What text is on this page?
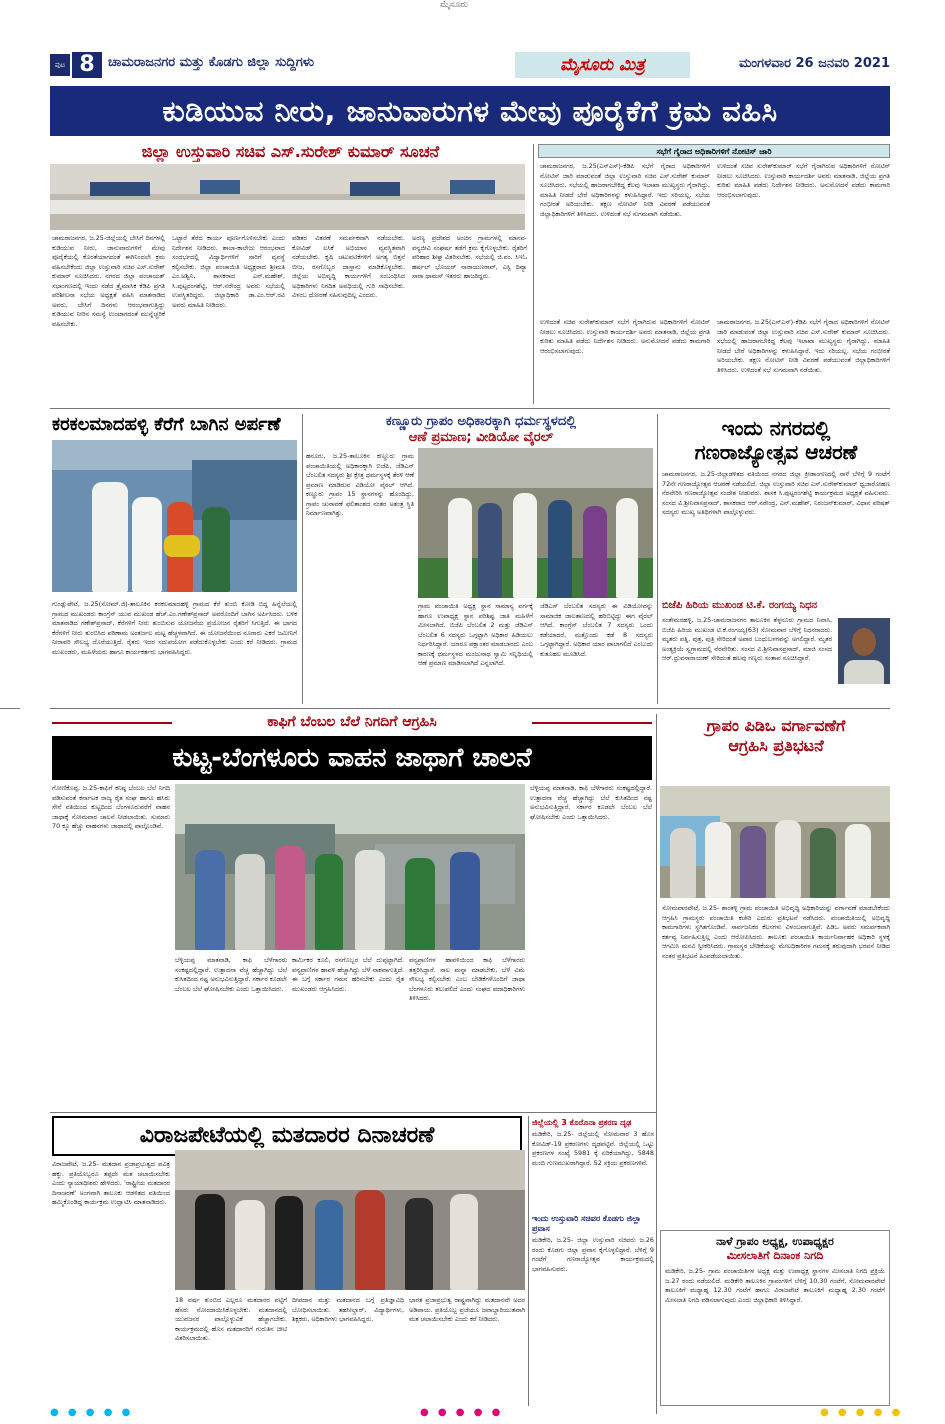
ಮೈಸೂರು
ಪುಟ 8	ಚಾಮರಾಜನಗರ ಮತ್ತು ಕೊಡಗು ಜಿಲ್ಲಾ ಸುದ್ದಿಗಳು	ಮೈಸೂರು ಮಿತ್ರ	ಮಂಗಳವಾರ 26 ಜನವರಿ 2021
ಕುಡಿಯುವ ನೀರು, ಜಾನುವಾರುಗಳ ಮೇವು ಪೂರೈಕೆಗೆ ಕ್ರಮ ವಹಿಸಿ
ಜಿಲ್ಲಾ ಉಸ್ತುವಾರಿ ಸಚಿವ ಎಸ್.ಸುರೇಶ್ ಕುಮಾರ್ ಸೂಚನೆ	ಸಭೆಗೆ ಗೈರಾದ ಅಧಿಕಾರಿಗಳಿಗೆ ನೋಟಿಸ್ ಜಾರಿ
ಚಾಮರಾಜನಗರ, ಜ.25(ಎಸ್‍ಎಸ್)-ಕೆಡಿಪಿ ಸಭೆಗೆ ಗೈರಾದ ಅಧಿಕಾರಿಗಳಿಗೆ ನೋಟಿಸ್ ಜಾರಿ ಮಾಡುವಂತೆ ಜಿಲ್ಲಾ ಉಸ್ತುವಾರಿ ಸಚಿವ ಎಸ್.ಸುರೇಶ್ ಕುಮಾರ್ ಸೂಚಿಸಿದರು. ಸಭೆಯಲ್ಲಿ ಹಾಜರಾಗಬೇಕಿದ್ದ ಕೆಲವು ಇಲಾಖಾ ಮುಖ್ಯಸ್ಥರು ಗೈರಾಗಿದ್ದು, ಮಾಹಿತಿ ನೀಡದೆ ಬೇರೆ ಅಧಿಕಾರಿಗಳನ್ನು ಕಳುಹಿಸಿದ್ದಾರೆ. ಇದು ಸರಿಯಲ್ಲ. ಸಭೆಯ ಗಂಭೀರತೆ ಅರಿಯಬೇಕು. ತಕ್ಷಣ ನೋಟಿಸ್ ನೀಡಿ ವಿವರಣೆ ಪಡೆಯುವಂತೆ ಜಿಲ್ಲಾಧಿಕಾರಿಗಳಿಗೆ ತಿಳಿಸಿದರು. ಉಳಿದಂತೆ ಸಭೆ ಸುಗಮವಾಗಿ ನಡೆಯಿತು.
ಉಳಿದಂತೆ ಸಚಿವ ಸುರೇಶ್‍ಕುಮಾರ್ ಸಭೆಗೆ ಗೈರಾಗಿರುವ ಅಧಿಕಾರಿಗಳಿಗೆ ನೋಟಿಸ್ ನೀಡಲು ಸೂಚಿಸಿದರು. ಉಸ್ತುವಾರಿ ಕಾರ್ಯದರ್ಶಿ ಅವರು ಮಾತನಾಡಿ, ಜಿಲ್ಲೆಯ ಪ್ರಗತಿ ಕುರಿತು ಮಾಹಿತಿ ಪಡೆದು ನಿರ್ದೇಶನ ನೀಡಿದರು. ಅನುಮೋದನೆ ಪಡೆದು ಕಾಮಗಾರಿ ಆರಂಭಿಸಲಾಗುವುದು.
ಚಾಮರಾಜನಗರ, ಜ.25-ಜಿಲ್ಲೆಯಲ್ಲಿ ಬೇಸಿಗೆ ದಿನಗಳಲ್ಲಿ ಕುಡಿಯುವ ನೀರು, ಜಾನುವಾರುಗಳಿಗೆ ಮೇವು ಪೂರೈಕೆಯಲ್ಲಿ ಕೊರತೆಯಾಗದಂತೆ ಈಗಿನಿಂದಲೇ ಕ್ರಮ ವಹಿಸಬೇಕೆಂದು ಜಿಲ್ಲಾ ಉಸ್ತುವಾರಿ ಸಚಿವ ಎಸ್.ಸುರೇಶ್ ಕುಮಾರ್ ಸೂಚಿಸಿದರು. ನಗರದ ಜಿಲ್ಲಾ ಪಂಚಾಯತ್ ಸಭಾಂಗಣದಲ್ಲಿ ಇಂದು ನಡೆದ ತ್ರೈಮಾಸಿಕ ಕೆಡಿಪಿ ಪ್ರಗತಿ ಪರಿಶೀಲನಾ ಸಭೆಯ ಅಧ್ಯಕ್ಷತೆ ವಹಿಸಿ ಮಾತನಾಡಿದ ಅವರು, ಬೇಸಿಗೆ ದಿನಗಳು ಆರಂಭವಾಗುತ್ತಿದ್ದು ಕುಡಿಯುವ ನೀರಿನ ಸಮಸ್ಯೆ ಉಂಟಾಗದಂತೆ ಮುನ್ನೆಚ್ಚರಿಕೆ ವಹಿಸಬೇಕು.
ಒಟ್ಟಾರೆ ತೆರೆದ ಕಾರ್ಯ ಪೂರ್ಣಗೊಳಿಸಬೇಕು ಎಂದು ನಿರ್ದೇಶನ ನೀಡಿದರು. ಶಾಲಾ-ಕಾಲೇಜು ಆರಂಭವಾದ ಸಂದರ್ಭದಲ್ಲಿ ವಿದ್ಯಾರ್ಥಿಗಳಿಗೆ ಸಾರಿಗೆ ವ್ಯವಸ್ಥೆ ಕಲ್ಪಿಸಬೇಕು. ಜಿಲ್ಲಾ ಪಂಚಾಯಿತಿ ಅಧ್ಯಕ್ಷರಾದ ಶ್ರೀಮತಿ ಎಂ.ಅಶ್ವಿನಿ, ಶಾಸಕರಾದ ಎನ್.ಮಹೇಶ್, ಸಿ.ಪುಟ್ಟರಂಗಶೆಟ್ಟಿ, ಆರ್.ನರೇಂದ್ರ ಅವರು ಸಭೆಯಲ್ಲಿ ಉಪಸ್ಥಿತರಿದ್ದರು. ಜಿಲ್ಲಾಧಿಕಾರಿ ಡಾ.ಎಂ.ಆರ್.ರವಿ ಅವರು ಮಾಹಿತಿ ನೀಡಿದರು.
ಪಡಿತರ ವಿತರಣೆ ಸಮರ್ಪಕವಾಗಿ ನಡೆಯಬೇಕು. ಕೋವಿಡ್ ಲಸಿಕೆ ಅಭಿಯಾನ ವ್ಯವಸ್ಥಿತವಾಗಿ ನಡೆಯಬೇಕು. ಕೃಷಿ ಚಟುವಟಿಕೆಗಳಿಗೆ ಅಗತ್ಯ ಬಿತ್ತನೆ ಬೀಜ, ರಸಗೊಬ್ಬರ ದಾಸ್ತಾನು ಮಾಡಿಕೊಳ್ಳಬೇಕು. ಜಿಲ್ಲೆಯ ಅಭಿವೃದ್ಧಿ ಕಾರ್ಯಗಳಿಗೆ ಸಂಬಂಧಿಸಿದ ಅಧಿಕಾರಿಗಳು ನಿಗದಿತ ಅವಧಿಯಲ್ಲಿ ಗುರಿ ಸಾಧಿಸಬೇಕು. ವಿಳಂಬ ಧೋರಣೆ ಸಹಿಸುವುದಿಲ್ಲ ಎಂದರು.
ಅರಣ್ಯ ಪ್ರದೇಶದ ಅಂಚಿನ ಗ್ರಾಮಗಳಲ್ಲಿ ಮಾನವ-ವನ್ಯಜೀವಿ ಸಂಘರ್ಷ ತಡೆಗೆ ಕ್ರಮ ಕೈಗೊಳ್ಳಬೇಕು. ರೈತರಿಗೆ ಪರಿಹಾರ ಶೀಘ್ರ ವಿತರಿಸಬೇಕು. ಸಭೆಯಲ್ಲಿ ಜಿ.ಪಂ. ಸಿಇಓ ಹರ್ಷಲ್ ಭೊಯರ್ ನಾರಾಯಣರಾವ್, ಎಸ್ಪಿ ದಿವ್ಯಾ ಸಾರಾ ಥಾಮಸ್ ಇತರರು ಹಾಜರಿದ್ದರು.
ಉಳಿದಂತೆ ಸಚಿವ ಸುರೇಶ್‍ಕುಮಾರ್ ಸಭೆಗೆ ಗೈರಾಗಿರುವ ಅಧಿಕಾರಿಗಳಿಗೆ ನೋಟಿಸ್ ನೀಡಲು ಸೂಚಿಸಿದರು. ಉಸ್ತುವಾರಿ ಕಾರ್ಯದರ್ಶಿ ಅವರು ಮಾತನಾಡಿ, ಜಿಲ್ಲೆಯ ಪ್ರಗತಿ ಕುರಿತು ಮಾಹಿತಿ ಪಡೆದು ನಿರ್ದೇಶನ ನೀಡಿದರು. ಅನುಮೋದನೆ ಪಡೆದು ಕಾಮಗಾರಿ ಆರಂಭಿಸಲಾಗುವುದು.
ಚಾಮರಾಜನಗರ, ಜ.25(ಎಸ್‍ಎಸ್)-ಕೆಡಿಪಿ ಸಭೆಗೆ ಗೈರಾದ ಅಧಿಕಾರಿಗಳಿಗೆ ನೋಟಿಸ್ ಜಾರಿ ಮಾಡುವಂತೆ ಜಿಲ್ಲಾ ಉಸ್ತುವಾರಿ ಸಚಿವ ಎಸ್.ಸುರೇಶ್ ಕುಮಾರ್ ಸೂಚಿಸಿದರು. ಸಭೆಯಲ್ಲಿ ಹಾಜರಾಗಬೇಕಿದ್ದ ಕೆಲವು ಇಲಾಖಾ ಮುಖ್ಯಸ್ಥರು ಗೈರಾಗಿದ್ದು, ಮಾಹಿತಿ ನೀಡದೆ ಬೇರೆ ಅಧಿಕಾರಿಗಳನ್ನು ಕಳುಹಿಸಿದ್ದಾರೆ. ಇದು ಸರಿಯಲ್ಲ. ಸಭೆಯ ಗಂಭೀರತೆ ಅರಿಯಬೇಕು. ತಕ್ಷಣ ನೋಟಿಸ್ ನೀಡಿ ವಿವರಣೆ ಪಡೆಯುವಂತೆ ಜಿಲ್ಲಾಧಿಕಾರಿಗಳಿಗೆ ತಿಳಿಸಿದರು. ಉಳಿದಂತೆ ಸಭೆ ಸುಗಮವಾಗಿ ನಡೆಯಿತು.
ಕರಕಲಮಾದಹಳ್ಳಿ ಕೆರೆಗೆ ಬಾಗಿನ ಅರ್ಪಣೆ
ಗುಂಡ್ಲುಪೇಟೆ, ಜ.25(ಸೋಮ್.ಜಿ)-ತಾಲೂಕಿನ ಕರಕಲಮಾದಹಳ್ಳಿ ಗ್ರಾಮದ ಕೆರೆ ತುಂಬಿ ಕೋಡಿ ಬಿದ್ದ ಹಿನ್ನೆಲೆಯಲ್ಲಿ ಗ್ರಾಮದ ಮುಖಂಡರು ಕಾಂಗ್ರೆಸ್ ಯುವ ಮುಖಂಡ ಹೆಚ್.ಎಂ.ಗಣೇಶ್‍ಪ್ರಸಾದ್ ಅವರೊಂದಿಗೆ ಬಾಗಿನ ಅರ್ಪಿಸಿದರು. ಬಳಿಕ ಮಾತನಾಡಿದ ಗಣೇಶ್‍ಪ್ರಸಾದ್, ಕೆರೆಗಳಿಗೆ ನೀರು ತುಂಬಿಸುವ ಯೋಜನೆಯ ಪ್ರಯೋಜನ ರೈತರಿಗೆ ಸಿಗುತ್ತಿದೆ. ಈ ಭಾಗದ ಕೆರೆಗಳಿಗೆ ನೀರು ತುಂಬಿಸಿದ ಪರಿಣಾಮ ಅಂತರ್ಜಲ ಮಟ್ಟ ಹೆಚ್ಚಳವಾಗಿದೆ. ಈ ಯೋಜನೆಯಿಂದ ನೂರಾರು ಎಕರೆ ಜಮೀನಿಗೆ ನೀರಾವರಿ ಸೌಲಭ್ಯ ದೊರೆಯುತ್ತಿದೆ. ರೈತರು ಇದರ ಸದುಪಯೋಗ ಪಡೆದುಕೊಳ್ಳಬೇಕು ಎಂದು ಕರೆ ನೀಡಿದರು. ಗ್ರಾಮದ ಮುಖಂಡರು, ಮಹಿಳೆಯರು ಹಾಗೂ ಕಾರ್ಯಕರ್ತರು ಭಾಗವಹಿಸಿದ್ದರು.
ಕಣ್ಣೂರು ಗ್ರಾಪಂ ಅಧಿಕಾರಕ್ಕಾಗಿ ಧರ್ಮಸ್ಥಳದಲ್ಲಿ
ಆಣೆ ಪ್ರಮಾಣ; ವೀಡಿಯೋ ವೈರಲ್
ಹನೂರು, ಜ.25-ತಾಲೂಕಿನ ಕಣ್ಣೂರು ಗ್ರಾಮ ಪಂಚಾಯಿತಿಯಲ್ಲಿ ಅಧಿಕಾರಕ್ಕಾಗಿ ಬಿಜೆಪಿ, ಜೆಡಿಎಸ್ ಬೆಂಬಲಿತ ಸದಸ್ಯರು ಶ್ರೀ ಕ್ಷೇತ್ರ ಧರ್ಮಸ್ಥಳಕ್ಕೆ ತೆರಳಿ ಆಣೆ ಪ್ರಮಾಣ ಮಾಡಿರುವ ವಿಡಿಯೋ ವೈರಲ್ ಆಗಿದೆ. ಕಣ್ಣೂರು ಗ್ರಾಪಂ 15 ಸ್ಥಾನಗಳನ್ನು ಹೊಂದಿದ್ದು, ಗ್ರಾಪಂ ಚುನಾವಣೆ ಫಲಿತಾಂಶದ ನಂತರ ಅತಂತ್ರ ಸ್ಥಿತಿ ನಿರ್ಮಾಣವಾಗಿತ್ತು.
ಗ್ರಾಮ ಪಂಚಾಯಿತಿ ಅಧ್ಯಕ್ಷ ಸ್ಥಾನ ಸಾಮಾನ್ಯ ವರ್ಗಕ್ಕೆ ಹಾಗೂ ಉಪಾಧ್ಯಕ್ಷ ಸ್ಥಾನ ಪರಿಶಿಷ್ಟ ಜಾತಿ ಮಹಿಳೆಗೆ ಮೀಸಲಾಗಿದೆ. ಬಿಜೆಪಿ ಬೆಂಬಲಿತ 2 ಮತ್ತು ಜೆಡಿಎಸ್ ಬೆಂಬಲಿತ 6 ಸದಸ್ಯರು ಒಗ್ಗಟ್ಟಾಗಿ ಅಧಿಕಾರ ಹಿಡಿಯಲು ನಿರ್ಧರಿಸಿದ್ದಾರೆ. ಯಾರೂ ಪಕ್ಷಾಂತರ ಮಾಡಬಾರದು ಎಂಬ ಕಾರಣಕ್ಕೆ ಧರ್ಮಸ್ಥಳದ ಮಂಜುನಾಥ ಸ್ವಾಮಿ ಸನ್ನಿಧಿಯಲ್ಲಿ ಆಣೆ ಪ್ರಮಾಣ ಮಾಡಿಸಲಾಗಿದೆ ಎನ್ನಲಾಗಿದೆ.
ಜೆಡಿಎಸ್ ಬೆಂಬಲಿತ ಸದಸ್ಯರು ಈ ವಿಡಿಯೋವನ್ನು ಸಾಮಾಜಿಕ ಜಾಲತಾಣದಲ್ಲಿ ಹರಿಬಿಟ್ಟಿದ್ದು ಈಗ ವೈರಲ್ ಆಗಿದೆ. ಕಾಂಗ್ರೆಸ್ ಬೆಂಬಲಿತ 7 ಸದಸ್ಯರು ಒಂದು ಕಡೆಯಾದರೆ, ಮತ್ತೊಂದು ಕಡೆ 8 ಸದಸ್ಯರು ಒಗ್ಗಟ್ಟಾಗಿದ್ದಾರೆ. ಅಧಿಕಾರ ಯಾರ ಪಾಲಾಗಲಿದೆ ಎಂಬುದು ಕುತೂಹಲ ಮೂಡಿಸಿದೆ.
ಇಂದು ನಗರದಲ್ಲಿ
ಗಣರಾಜ್ಯೋತ್ಸವ ಆಚರಣೆ
ಚಾಮರಾಜನಗರ, ಜ.25-ಜಿಲ್ಲಾಡಳಿತದ ವತಿಯಿಂದ ನಗರದ ಜಿಲ್ಲಾ ಕ್ರೀಡಾಂಗಣದಲ್ಲಿ ನಾಳೆ ಬೆಳಿಗ್ಗೆ 9 ಗಂಟೆಗೆ 72ನೇ ಗಣರಾಜ್ಯೋತ್ಸವ ಆಚರಣೆ ನಡೆಯಲಿದೆ. ಜಿಲ್ಲಾ ಉಸ್ತುವಾರಿ ಸಚಿವ ಎಸ್.ಸುರೇಶ್‍ಕುಮಾರ್ ಧ್ವಜಾರೋಹಣ ನೆರವೇರಿಸಿ ಗಣರಾಜ್ಯೋತ್ಸವ ಸಂದೇಶ ನೀಡುವರು. ಶಾಸಕ ಸಿ.ಪುಟ್ಟರಂಗಶೆಟ್ಟಿ ಕಾರ್ಯಕ್ರಮದ ಅಧ್ಯಕ್ಷತೆ ವಹಿಸುವರು. ಸಂಸದ ವಿ.ಶ್ರೀನಿವಾಸಪ್ರಸಾದ್, ಶಾಸಕರಾದ ಆರ್.ನರೇಂದ್ರ, ಎನ್.ಮಹೇಶ್, ನಿರಂಜನ್‍ಕುಮಾರ್, ವಿಧಾನ ಪರಿಷತ್ ಸದಸ್ಯರು ಮುಖ್ಯ ಅತಿಥಿಗಳಾಗಿ ಪಾಲ್ಗೊಳ್ಳುವರು.
ಬಿಜೆಪಿ ಹಿರಿಯ ಮುಖಂಡ ಟಿ.ಕೆ. ರಂಗಯ್ಯ ನಿಧನ
ಸಂತೇಮರಹಳ್ಳಿ, ಜ.25-ಚಾಮರಾಜನಗರ ತಾಲೂಕಿನ ತೆಳ್ಳನೂರು ಗ್ರಾಮದ ನಿವಾಸಿ, ಬಿಜೆಪಿ ಹಿರಿಯ ಮುಖಂಡ ಟಿ.ಕೆ.ರಂಗಯ್ಯ(63) ಸೋಮವಾರ ಬೆಳಿಗ್ಗೆ ನಿಧನರಾದರು. ಮೃತರು ಪತ್ನಿ, ಪುತ್ರ, ಪುತ್ರಿ ಸೇರಿದಂತೆ ಅಪಾರ ಬಂಧುಬಳಗವನ್ನು ಅಗಲಿದ್ದಾರೆ. ಮೃತರ ಅಂತ್ಯಕ್ರಿಯೆ ಸ್ವಗ್ರಾಮದಲ್ಲಿ ನೆರವೇರಿತು. ಸಂಸದ ವಿ.ಶ್ರೀನಿವಾಸಪ್ರಸಾದ್, ಮಾಜಿ ಸಂಸದ ಆರ್.ಧ್ರುವನಾರಾಯಣ್ ಸೇರಿದಂತೆ ಹಲವು ಗಣ್ಯರು ಸಂತಾಪ ಸೂಚಿಸಿದ್ದಾರೆ.
ಕಾಫಿಗೆ ಬೆಂಬಲ ಬೆಲೆ ನಿಗದಿಗೆ ಆಗ್ರಹಿಸಿ
ಕುಟ್ಟ-ಬೆಂಗಳೂರು ವಾಹನ ಜಾಥಾಗೆ ಚಾಲನೆ
ಗೋಣಿಕೊಪ್ಪ, ಜ.25-ಕಾಫಿಗೆ ಕನಿಷ್ಠ ಬೆಂಬಲ ಬೆಲೆ ನಿಗದಿ ಪಡಿಸುವಂತೆ ಕರ್ನಾಟಕ ರಾಜ್ಯ ರೈತ ಸಂಘ ಹಾಗೂ ಹಸಿರು ಸೇನೆ ವತಿಯಿಂದ ಕುಟ್ಟದಿಂದ ಬೆಂಗಳೂರುವರೆಗೆ ವಾಹನ ಜಾಥಾಕ್ಕೆ ಸೋಮವಾರ ಚಾಲನೆ ನೀಡಲಾಯಿತು. ಸುಮಾರು 70 ಕ್ಕೂ ಹೆಚ್ಚು ವಾಹನಗಳು ಜಾಥಾದಲ್ಲಿ ಪಾಲ್ಗೊಂಡಿವೆ.
ಬೆಳ್ಳಿಯಪ್ಪ ಮಾತನಾಡಿ, ಕಾಫಿ ಬೆಳೆಗಾರರು ಸಂಕಷ್ಟದಲ್ಲಿದ್ದಾರೆ. ಉತ್ಪಾದನಾ ವೆಚ್ಚ ಹೆಚ್ಚಾಗಿದ್ದು ಬೆಲೆ ಕುಸಿತದಿಂದ ನಷ್ಟ ಅನುಭವಿಸುತ್ತಿದ್ದಾರೆ. ಸರ್ಕಾರ ಕೂಡಲೇ ಬೆಂಬಲ ಬೆಲೆ ಘೋಷಿಸಬೇಕು ಎಂದು ಒತ್ತಾಯಿಸಿದರು.
ಕಾರ್ಮಿಕರ ಕೂಲಿ, ರಸಗೊಬ್ಬರ ಬೆಲೆ ದುಪ್ಪಟ್ಟಾಗಿದೆ. ವನ್ಯಪ್ರಾಣಿಗಳ ಹಾವಳಿ ಹೆಚ್ಚಾಗಿದ್ದು ಬೆಳೆ ನಾಶವಾಗುತ್ತಿದೆ. ಈ ಬಗ್ಗೆ ಸರ್ಕಾರ ಗಮನ ಹರಿಸಬೇಕು ಎಂದು ರೈತ ಮುಖಂಡರು ಆಗ್ರಹಿಸಿದರು.
ವನ್ಯಪ್ರಾಣಿಗಳ ಹಾವಳಿಯಿಂದ ಕಾಫಿ ಬೆಳೆಗಾರರು ತತ್ತರಿಸಿದ್ದಾರೆ. ಸಾಲ ಮನ್ನಾ ಮಾಡಬೇಕು, ಬೆಳೆ ವಿಮೆ ಸೌಲಭ್ಯ ಕಲ್ಪಿಸಬೇಕು ಎಂಬ ಬೇಡಿಕೆಗಳೊಂದಿಗೆ ಜಾಥಾ ಬೆಂಗಳೂರು ತಲುಪಲಿದೆ ಎಂದು ಸಂಘದ ಪದಾಧಿಕಾರಿಗಳು ತಿಳಿಸಿದರು.
ಬೆಳ್ಳಿಯಪ್ಪ ಮಾತನಾಡಿ, ಕಾಫಿ ಬೆಳೆಗಾರರು ಸಂಕಷ್ಟದಲ್ಲಿದ್ದಾರೆ. ಉತ್ಪಾದನಾ ವೆಚ್ಚ ಹೆಚ್ಚಾಗಿದ್ದು ಬೆಲೆ ಕುಸಿತದಿಂದ ನಷ್ಟ ಅನುಭವಿಸುತ್ತಿದ್ದಾರೆ. ಸರ್ಕಾರ ಕೂಡಲೇ ಬೆಂಬಲ ಬೆಲೆ ಘೋಷಿಸಬೇಕು ಎಂದು ಒತ್ತಾಯಿಸಿದರು.
ಗ್ರಾಪಂ ಪಿಡಿಒ ವರ್ಗಾವಣೆಗೆ
ಆಗ್ರಹಿಸಿ ಪ್ರತಿಭಟನೆ
ಸೋಮವಾರಪೇಟೆ, ಜ.25- ಶಾಂತಳ್ಳಿ ಗ್ರಾಮ ಪಂಚಾಯಿತಿ ಅಭಿವೃದ್ಧಿ ಅಧಿಕಾರಿಯನ್ನು ವರ್ಗಾವಣೆ ಮಾಡಬೇಕೆಂದು ಆಗ್ರಹಿಸಿ ಗ್ರಾಮಸ್ಥರು ಪಂಚಾಯಿತಿ ಕಚೇರಿ ಎದುರು ಪ್ರತಿಭಟನೆ ನಡೆಸಿದರು. ಪಂಚಾಯಿತಿಯಲ್ಲಿ ಅಭಿವೃದ್ಧಿ ಕಾಮಗಾರಿಗಳು ಸ್ಥಗಿತಗೊಂಡಿವೆ. ಸಾರ್ವಜನಿಕರ ಕೆಲಸಗಳು ವಿಳಂಬವಾಗುತ್ತಿವೆ. ಪಿಡಿಒ ಅವರು ಸಮರ್ಪಕವಾಗಿ ಕರ್ತವ್ಯ ನಿರ್ವಹಿಸುತ್ತಿಲ್ಲ ಎಂದು ಆರೋಪಿಸಿದರು. ತಾಲೂಕು ಪಂಚಾಯಿತಿ ಕಾರ್ಯನಿರ್ವಾಹಕ ಅಧಿಕಾರಿ ಸ್ಥಳಕ್ಕೆ ಆಗಮಿಸಿ ಮನವಿ ಸ್ವೀಕರಿಸಿದರು. ಗ್ರಾಮಸ್ಥರ ಬೇಡಿಕೆಯನ್ನು ಮೇಲಧಿಕಾರಿಗಳ ಗಮನಕ್ಕೆ ತರುವುದಾಗಿ ಭರವಸೆ ನೀಡಿದ ನಂತರ ಪ್ರತಿಭಟನೆ ಹಿಂಪಡೆಯಲಾಯಿತು.
ವಿರಾಜಪೇಟೆಯಲ್ಲಿ ಮತದಾರರ ದಿನಾಚರಣೆ
ವಿರಾಜಪೇಟೆ, ಜ.25- ಮತದಾನ ಪ್ರಜಾಪ್ರಭುತ್ವದ ಪವಿತ್ರ ಹಕ್ಕು. ಪ್ರತಿಯೊಬ್ಬರೂ ತಪ್ಪದೇ ಮತ ಚಲಾಯಿಸಬೇಕು ಎಂದು ನ್ಯಾಯಾಧೀಶರು ಹೇಳಿದರು. 'ರಾಷ್ಟ್ರೀಯ ಮತದಾರರ ದಿನಾಚರಣೆ' ಅಂಗವಾಗಿ ತಾಲೂಕು ಆಡಳಿತದ ವತಿಯಿಂದ ಹಮ್ಮಿಕೊಂಡಿದ್ದ ಕಾರ್ಯಕ್ರಮ ಉದ್ಘಾಟಿಸಿ ಮಾತನಾಡಿದರು.
18 ವರ್ಷ ತುಂಬಿದ ಎಲ್ಲರೂ ಮತದಾರರ ಪಟ್ಟಿಗೆ ಹೆಸರು ನೋಂದಾಯಿಸಿಕೊಳ್ಳಬೇಕು. ಮತದಾನದಲ್ಲಿ ಯುವಜನರ ಪಾಲ್ಗೊಳ್ಳುವಿಕೆ ಹೆಚ್ಚಾಗಬೇಕು. ಕಾರ್ಯಕ್ರಮದಲ್ಲಿ ಹೊಸ ಮತದಾರರಿಗೆ ಗುರುತಿನ ಚೀಟಿ ವಿತರಿಸಲಾಯಿತು.
ದೀಪದಾನ ಮತ್ತು ಮತದಾನದ ಬಗ್ಗೆ ಪ್ರತಿಜ್ಞಾವಿಧಿ ಬೋಧಿಸಲಾಯಿತು. ತಹಸೀಲ್ದಾರ್, ವಿದ್ಯಾರ್ಥಿಗಳು, ಶಿಕ್ಷಕರು, ಅಧಿಕಾರಿಗಳು ಭಾಗವಹಿಸಿದ್ದರು.
ಭಾರತ ಪ್ರಜಾಪ್ರಭುತ್ವ ರಾಷ್ಟ್ರವಾಗಿದ್ದು ಮತದಾನವೇ ಅದರ ಅಡಿಪಾಯ. ಪ್ರತಿಯೊಬ್ಬ ಪ್ರಜೆಯೂ ಜವಾಬ್ದಾರಿಯುತವಾಗಿ ಮತ ಚಲಾಯಿಸಬೇಕು ಎಂದು ಕರೆ ನೀಡಿದರು.
ಜಿಲ್ಲೆಯಲ್ಲಿ 3 ಕೊರೊನಾ ಪ್ರಕರಣ ದೃಢ
ಮಡಿಕೇರಿ, ಜ.25- ಜಿಲ್ಲೆಯಲ್ಲಿ ಸೋಮವಾರ 3 ಹೊಸ ಕೋವಿಡ್-19 ಪ್ರಕರಣಗಳು ದೃಢಪಟ್ಟಿವೆ. ಜಿಲ್ಲೆಯಲ್ಲಿ ಒಟ್ಟು ಪ್ರಕರಣಗಳ ಸಂಖ್ಯೆ 5981 ಕ್ಕೆ ಏರಿಕೆಯಾಗಿದ್ದು, 5848 ಮಂದಿ ಗುಣಮುಖರಾಗಿದ್ದಾರೆ. 52 ಸಕ್ರಿಯ ಪ್ರಕರಣಗಳಿವೆ.
ಇಂದು ಉಸ್ತುವಾರಿ ಸಚಿವರ ಕೊಡಗು ಜಿಲ್ಲಾ ಪ್ರವಾಸ
ಮಡಿಕೇರಿ, ಜ.25- ಜಿಲ್ಲಾ ಉಸ್ತುವಾರಿ ಸಚಿವರು ಜ.26 ರಂದು ಕೊಡಗು ಜಿಲ್ಲಾ ಪ್ರವಾಸ ಕೈಗೊಳ್ಳಲಿದ್ದಾರೆ. ಬೆಳಿಗ್ಗೆ 9 ಗಂಟೆಗೆ ಗಣರಾಜ್ಯೋತ್ಸವ ಕಾರ್ಯಕ್ರಮದಲ್ಲಿ ಭಾಗವಹಿಸುವರು.
ನಾಳೆ ಗ್ರಾಪಂ ಅಧ್ಯಕ್ಷ, ಉಪಾಧ್ಯಕ್ಷರ
ಮೀಸಲಾತಿಗೆ ದಿನಾಂಕ ನಿಗದಿ
ಮಡಿಕೇರಿ, ಜ.25- ಗ್ರಾಮ ಪಂಚಾಯಿತಿಗಳ ಅಧ್ಯಕ್ಷ ಮತ್ತು ಉಪಾಧ್ಯಕ್ಷ ಸ್ಥಾನಗಳ ಮೀಸಲಾತಿ ನಿಗದಿ ಪ್ರಕ್ರಿಯೆ ಜ.27 ರಂದು ನಡೆಯಲಿದೆ. ಮಡಿಕೇರಿ ತಾಲೂಕಿನ ಗ್ರಾಪಂಗಳಿಗೆ ಬೆಳಿಗ್ಗೆ 10.30 ಗಂಟೆಗೆ, ಸೋಮವಾರಪೇಟೆ ತಾಲೂಕಿಗೆ ಮಧ್ಯಾಹ್ನ 12.30 ಗಂಟೆಗೆ ಹಾಗೂ ವಿರಾಜಪೇಟೆ ತಾಲೂಕಿಗೆ ಮಧ್ಯಾಹ್ನ 2.30 ಗಂಟೆಗೆ ಮೀಸಲಾತಿ ನಿಗದಿ ಪಡಿಸಲಾಗುವುದು ಎಂದು ಜಿಲ್ಲಾಧಿಕಾರಿ ತಿಳಿಸಿದ್ದಾರೆ.
● ● ● ● ●	● ● ● ● ●	● ● ● ● ●
